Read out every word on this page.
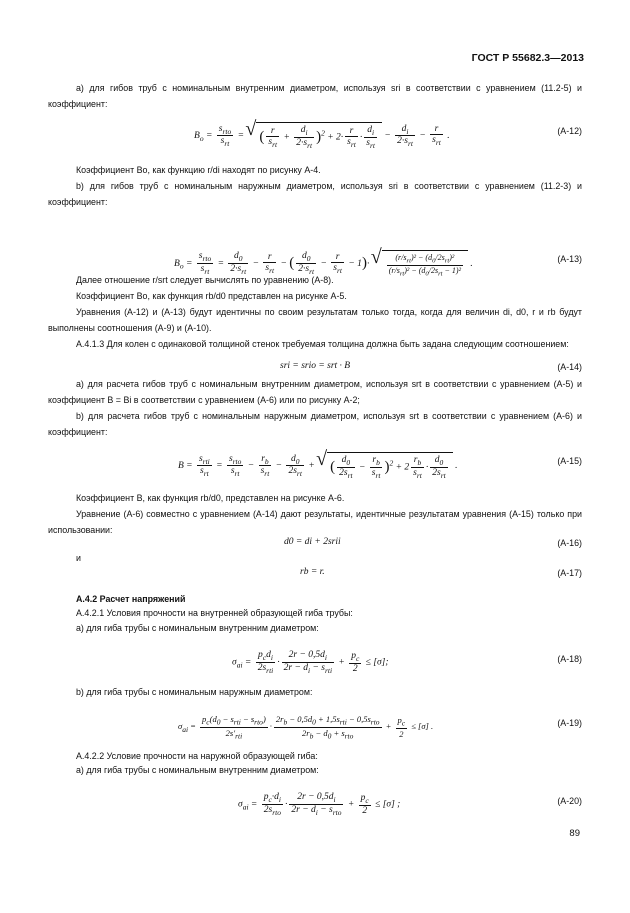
ГОСТ Р 55682.3—2013
а) для гибов труб с номинальным внутренним диаметром, используя sri в соответствии с уравнением (11.2-5) и коэффициент:
$B_o = \frac{s_{rto}}{s_{rt}}$ = √ ( $\frac{r}{s_{rt}} + \frac{d_i}{2\cdot s_{rt}} )^2 + 2\cdot \frac{r}{s_{rt}} \cdot \frac{d_i}{s_{rt}} - \frac{d_i}{2\cdot s_{rt}} - \frac{r}{s_{rt}}$ .
(А-12)
Коэффициент Bo, как функцию r/di находят по рисунку А-4.
b) для гибов труб с номинальным наружным диаметром, используя sri в соответствии с уравнением (11.2-3) и коэффициент:
$B_o = \frac{s_{rto}}{s_{rt}} = \frac{d_0}{2\cdot s_{rt}} - \frac{r}{s_{rt}}$ − ( $\frac{d_0}{2\cdot s_{rt}} - \frac{r}{s_{rt}} - 1)\cdot$
√ $\frac{(r/s_{rt})^2 - (d_0/2s_{rt})^2}{(r/s_{rt})^2 - (d_0/2s_{rt} - 1)^2}$ .	(А-13)
Далее отношение r/srt следует вычислять по уравнению (А-8).
Коэффициент Bo, как функция rb/d0 представлен на рисунке А-5.
Уравнения (А-12) и (А-13) будут идентичны по своим результатам только тогда, когда для величин di, d0, r и rb будут выполнены соотношения (А-9) и (А-10).
А.4.1.3 Для колен с одинаковой толщиной стенок требуемая толщина должна быть задана следующим соотношением:
sri = srio = srt · B	(А-14)
а) для расчета гибов труб с номинальным внутренним диаметром, используя srt в соответствии с уравнением (А-5) и коэффициент B = Bi в соответствии с уравнением (А-6) или по рисунку А-2;
b) для расчета гибов труб с номинальным наружным диаметром, используя srt в соответствии с уравнением (А-6) и коэффициент:
$B = \frac{s_{rti}}{s_{rt}} = \frac{s_{rto}}{s_{rt}} - \frac{r_b}{s_{rt}} - \frac{d_0}{2s_{rt}}$ + √ ( $\frac{d_0}{2s_{rt}} - \frac{r_b}{s_{rt}} )^2 + 2 \frac{r_b}{s_{rt}} \cdot \frac{d_0}{2s_{rt}}$ .
(А-15)
Коэффициент B, как функция rb/d0, представлен на рисунке А-6.
Уравнение (А-6) совместно с уравнением (А-14) дают результаты, идентичные результатам уравнения (А-15) только при использовании:
d0 = di + 2srii	(А-16)
и
rb = r.	(А-17)
А.4.2 Расчет напряжений
А.4.2.1 Условия прочности на внутренней образующей гиба трубы:
а) для гиба трубы с номинальным внутренним диаметром:
$\sigma_{ai} = \frac{p_cd_i}{2s_{rti}} \cdot \frac{2r - 0,5d_i}{2r - d_i - s_{rti}} + \frac{p_c}{2} \le [\sigma]$;	(А-18)
b) для гиба трубы с номинальным наружным диаметром:
$\sigma_{ai} = \frac{p_c(d_0 - s_{rti} - s_{rto})}{2s'_{rti}} \cdot \frac{2r_b - 0,5d_0 + 1,5s_{rti} - 0,5s_{rto}}{2r_b - d_0 + s_{rto}} + \frac{p_c}{2} \le [\sigma]$ .	(А-19)
А.4.2.2 Условие прочности на наружной образующей гиба:
а) для гиба трубы с номинальным внутренним диаметром:
$\sigma_{ai} = \frac{p_c\cdot d_i}{2s_{rto}} \cdot \frac{2r - 0,5d_i}{2r - d_i - s_{rto}} + \frac{p_c}{2} \le [\sigma]$ ;	(А-20)
89
